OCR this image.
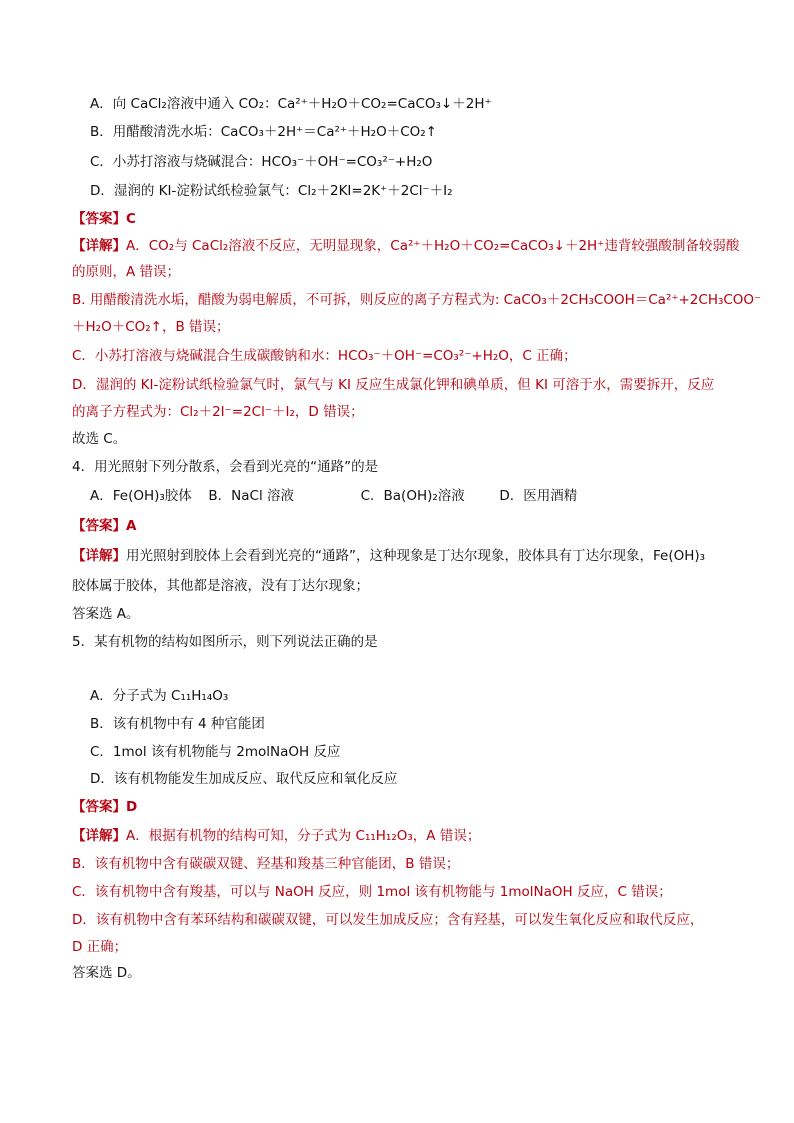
A．向 CaCl₂溶液中通入 CO₂：Ca²⁺＋H₂O＋CO₂=CaCO₃↓＋2H⁺
B．用醋酸清洗水垢：CaCO₃＋2H⁺＝Ca²⁺＋H₂O＋CO₂↑
C．小苏打溶液与烧碱混合：HCO₃⁻＋OH⁻=CO₃²⁻+H₂O
D．湿润的 KI-淀粉试纸检验氯气：Cl₂＋2KI=2K⁺＋2Cl⁻＋I₂
【答案】C
【详解】A．CO₂与 CaCl₂溶液不反应，无明显现象，Ca²⁺＋H₂O＋CO₂=CaCO₃↓＋2H⁺违背较强酸制备较弱酸
的原则，A 错误；
B. 用醋酸清洗水垢，醋酸为弱电解质，不可拆，则反应的离子方程式为: CaCO₃＋2CH₃COOH＝Ca²⁺+2CH₃COO⁻
＋H₂O＋CO₂↑，B 错误；
C．小苏打溶液与烧碱混合生成碳酸钠和水：HCO₃⁻＋OH⁻=CO₃²⁻+H₂O，C 正确；
D．湿润的 KI-淀粉试纸检验氯气时，氯气与 KI 反应生成氯化钾和碘单质，但 KI 可溶于水，需要拆开，反应
的离子方程式为：Cl₂＋2I⁻=2Cl⁻＋I₂，D 错误；
故选 C。
4．用光照射下列分散系，会看到光亮的“通路”的是
A．Fe(OH)₃胶体 B．NaCl 溶液	C．Ba(OH)₂溶液	D．医用酒精
【答案】A
【详解】用光照射到胶体上会看到光亮的“通路”，这种现象是丁达尔现象，胶体具有丁达尔现象，Fe(OH)₃
胶体属于胶体，其他都是溶液，没有丁达尔现象；
答案选 A。
5．某有机物的结构如图所示，则下列说法正确的是
A．分子式为 C₁₁H₁₄O₃
B．该有机物中有 4 种官能团
C．1mol 该有机物能与 2molNaOH 反应
D．该有机物能发生加成反应、取代反应和氧化反应
【答案】D
【详解】A．根据有机物的结构可知，分子式为 C₁₁H₁₂O₃，A 错误；
B．该有机物中含有碳碳双键、羟基和羧基三种官能团，B 错误；
C．该有机物中含有羧基，可以与 NaOH 反应，则 1mol 该有机物能与 1molNaOH 反应，C 错误；
D．该有机物中含有苯环结构和碳碳双键，可以发生加成反应；含有羟基，可以发生氧化反应和取代反应，
D 正确；
答案选 D。
